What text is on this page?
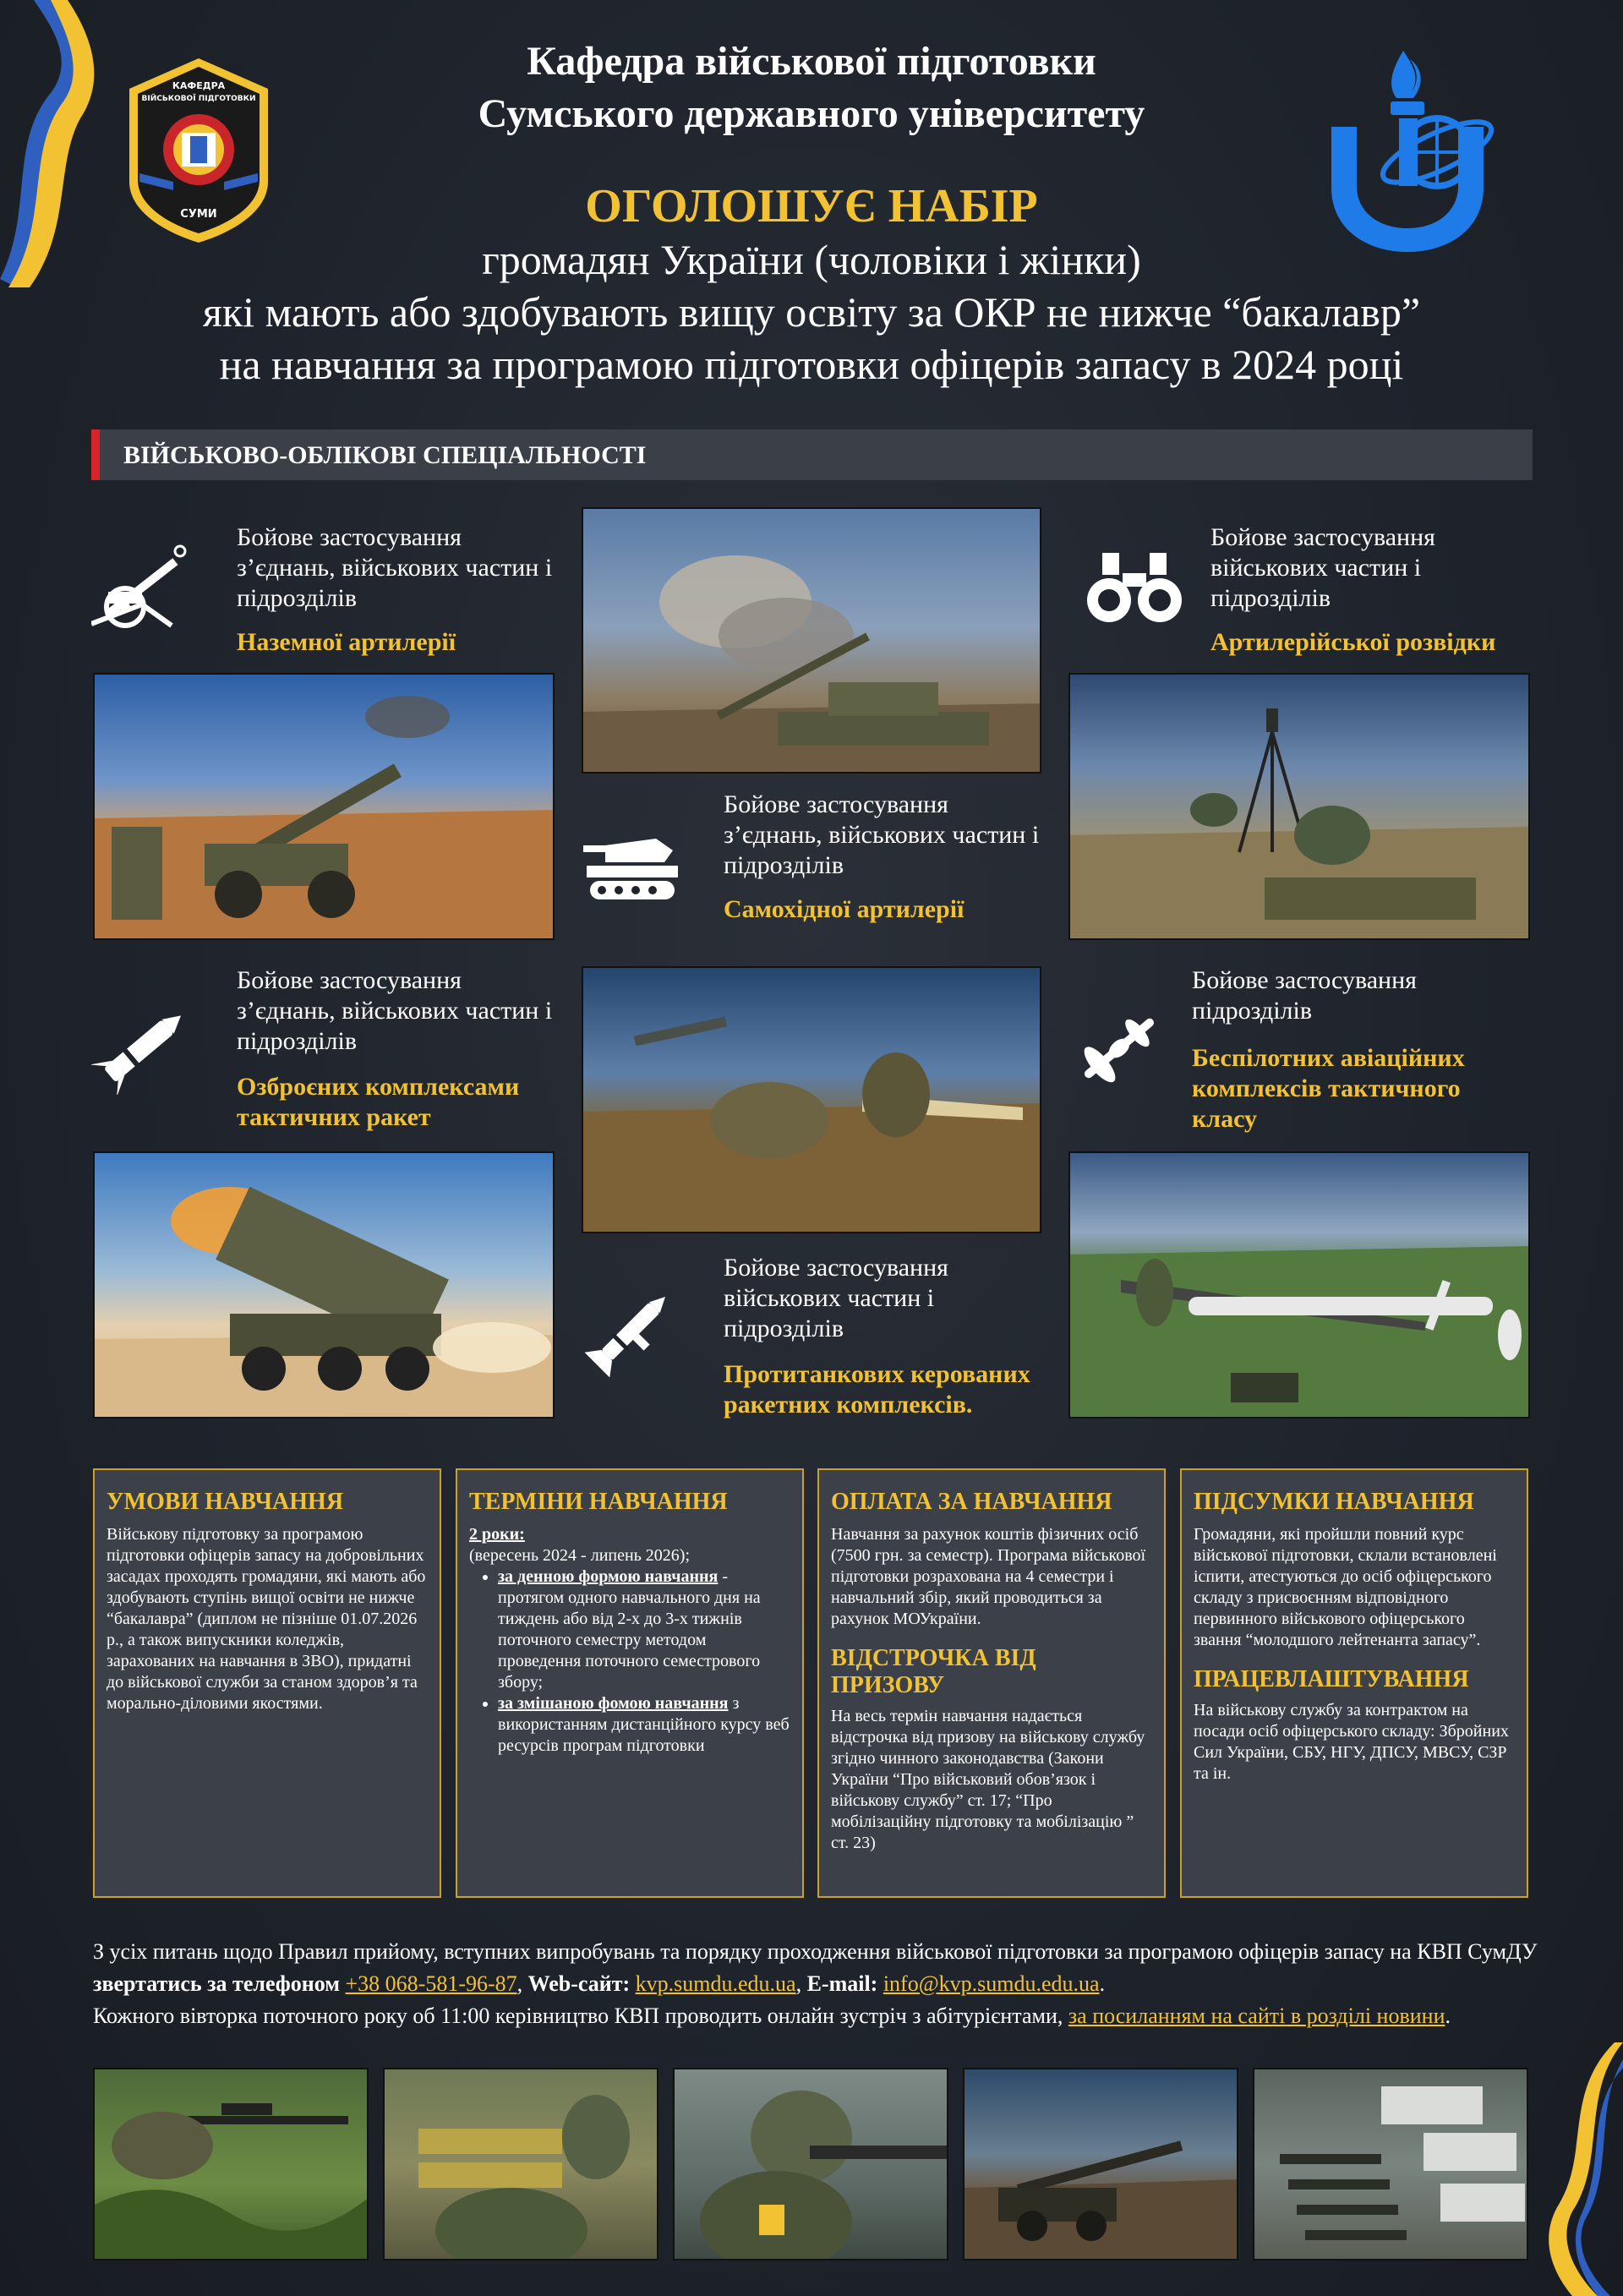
КАФЕДРА
ВІЙСЬКОВОЇ ПІДГОТОВКИ
СУМИ
Кафедра військової підготовки
Сумського державного університету
ОГОЛОШУЄ НАБІР
громадян України (чоловіки і жінки)
які мають або здобувають вищу освіту за ОКР не нижче “бакалавр”
на навчання за програмою підготовки офіцерів запасу в 2024 році
ВІЙСЬКОВО-ОБЛІКОВІ СПЕЦІАЛЬНОСТІ
Бойове застосування
з’єднань, військових частин і
підрозділів
Наземної артилерії
Бойове застосування
з’єднань, військових частин і
підрозділів
Самохідної артилерії
Бойове застосування
військових частин і
підрозділів
Артилерійської розвідки
Бойове застосування
з’єднань, військових частин і
підрозділів
Озброєних комплексами
тактичних ракет
Бойове застосування
військових частин і
підрозділів
Протитанкових керованих
ракетних комплексів.
Бойове застосування
підрозділів
Беспілотних авіаційних
комплексів тактичного
класу
УМОВИ НАВЧАННЯ

Військову підготовку за програмою підготовки офіцерів запасу на добровільних засадах проходять громадяни, які мають або здобувають ступінь вищої освіти не нижче “бакалавра” (диплом не пізніше 01.07.2026 р., а також випускники коледжів, зарахованих на навчання в ЗВО), придатні до військової служби за станом здоров’я та морально-діловими якостями.

ТЕРМІНИ НАВЧАННЯ

2 роки:

(вересень 2024 - липень 2026);

• за денною формою навчання - протягом одного навчального дня на тиждень або від 2-х до 3-х тижнів поточного семестру методом проведення поточного семестрового збору;
• за змішаною фомою навчання з використанням дистанційного курсу веб ресурсів програм підготовки
ОПЛАТА ЗА НАВЧАННЯ

Навчання за рахунок коштів фізичних осіб (7500 грн. за семестр). Програма військової підготовки розрахована на 4 семестри і навчальний збір, який проводиться за рахунок МОУкраїни.

ВІДСТРОЧКА ВІД ПРИЗОВУ

На весь термін навчання надається відстрочка від призову на військову службу згідно чинного законодавства (Закони України “Про військовий обов’язок і військову службу” ст. 17; “Про мобілізаційну підготовку та мобілізацію ” ст. 23)

ПІДСУМКИ НАВЧАННЯ

Громадяни, які пройшли повний курс військової підготовки, склали встановлені іспити, атестуються до осіб офіцерського складу з присвоєнням відповідного первинного військового офіцерського звання “молодшого лейтенанта запасу”.

ПРАЦЕВЛАШТУВАННЯ

На військову службу за контрактом на посади осіб офіцерського складу: Збройних Сил України, СБУ, НГУ, ДПСУ, МВСУ, СЗР та ін.

З усіх питань щодо Правил прийому, вступних випробувань та порядку проходження військової підготовки за програмою офіцерів запасу на КВП СумДУ звертатись за телефоном +38 068-581-96-87, Web-сайт: kvp.sumdu.edu.ua, E-mail: info@kvp.sumdu.edu.ua.
Кожного вівторка поточного року об 11:00 керівництво КВП проводить онлайн зустріч з абітурієнтами, за посиланням на сайті в розділі новини.
